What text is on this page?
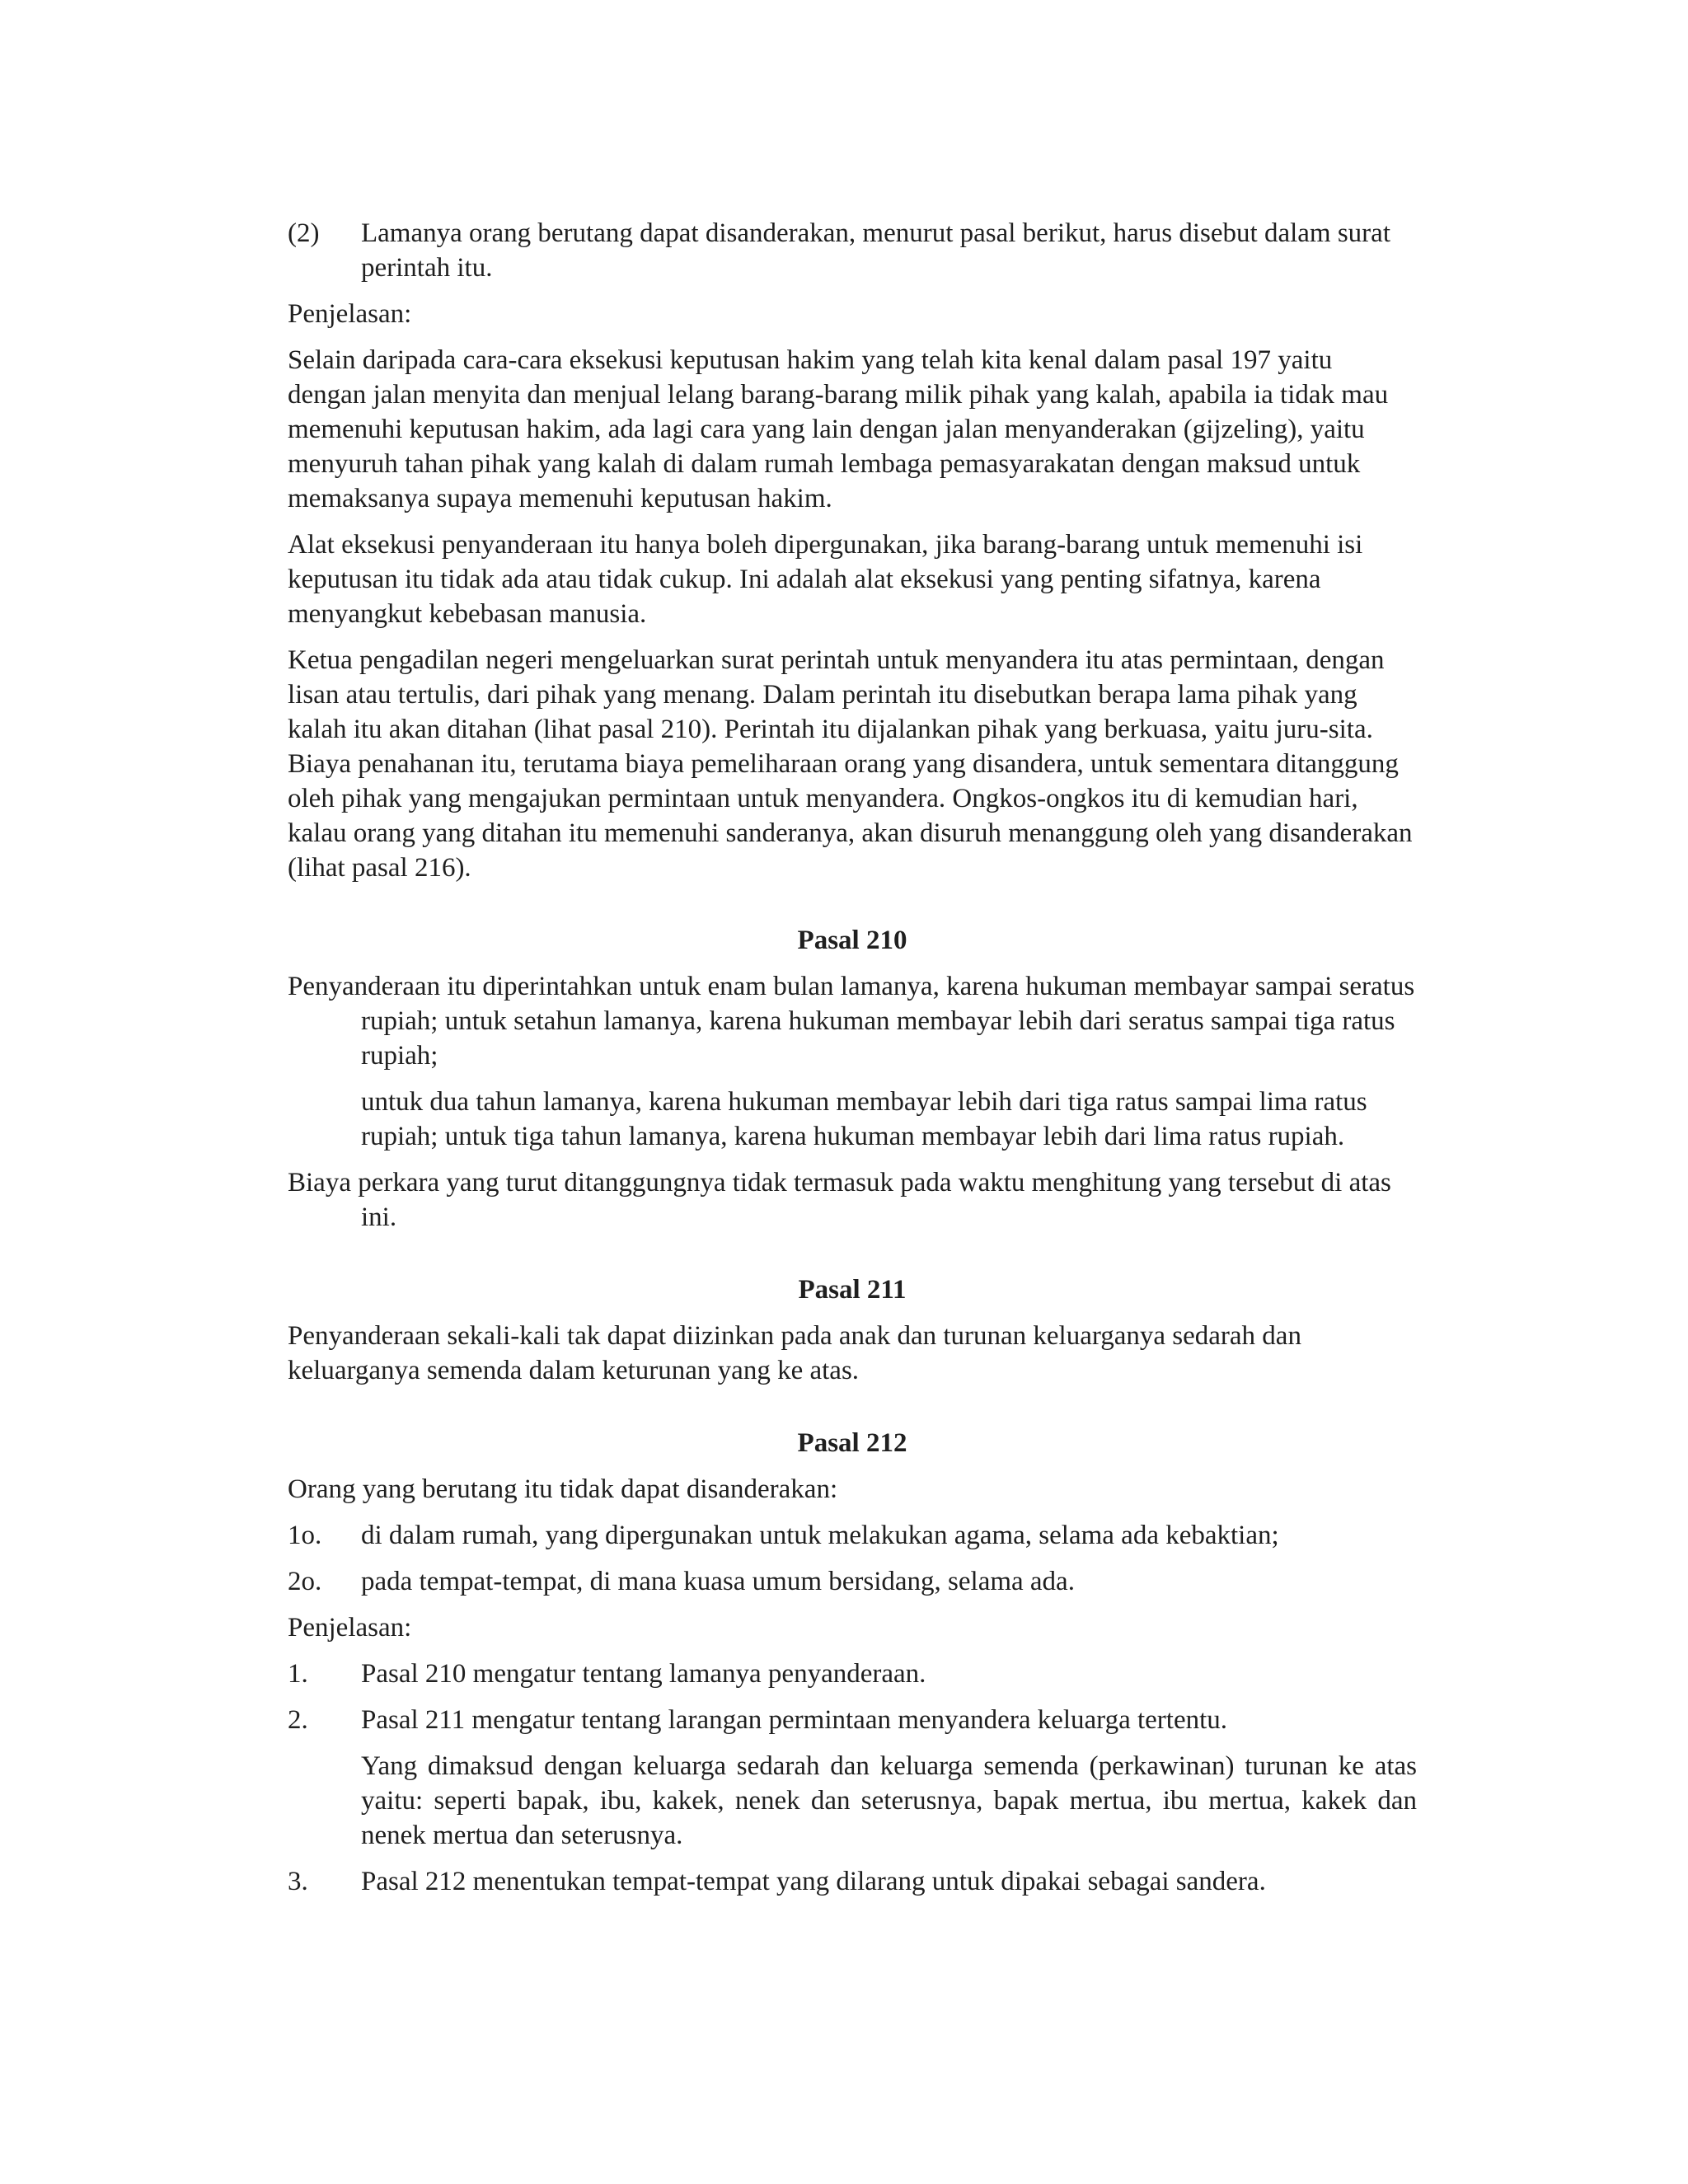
(2)	Lamanya orang berutang dapat disanderakan, menurut pasal berikut, harus disebut dalam surat perintah itu.

Penjelasan:

Selain daripada cara-cara eksekusi keputusan hakim yang telah kita kenal dalam pasal 197 yaitu dengan jalan menyita dan menjual lelang barang-barang milik pihak yang kalah, apabila ia tidak mau memenuhi keputusan hakim, ada lagi cara yang lain dengan jalan menyanderakan (gijzeling), yaitu menyuruh tahan pihak yang kalah di dalam rumah lembaga pemasyarakatan dengan maksud untuk memaksanya supaya memenuhi keputusan hakim.

Alat eksekusi penyanderaan itu hanya boleh dipergunakan, jika barang-barang untuk memenuhi isi keputusan itu tidak ada atau tidak cukup. Ini adalah alat eksekusi yang penting sifatnya, karena menyangkut kebebasan manusia.

Ketua pengadilan negeri mengeluarkan surat perintah untuk menyandera itu atas permintaan, dengan lisan atau tertulis, dari pihak yang menang. Dalam perintah itu disebutkan berapa lama pihak yang kalah itu akan ditahan (lihat pasal 210). Perintah itu dijalankan pihak yang berkuasa, yaitu juru-sita. Biaya penahanan itu, terutama biaya pemeliharaan orang yang disandera, untuk sementara ditanggung oleh pihak yang mengajukan permintaan untuk menyandera. Ongkos-ongkos itu di kemudian hari, kalau orang yang ditahan itu memenuhi sanderanya, akan disuruh menanggung oleh yang disanderakan (lihat pasal 216).

Pasal 210

Penyanderaan itu diperintahkan untuk enam bulan lamanya, karena hukuman membayar sampai seratus rupiah; untuk setahun lamanya, karena hukuman membayar lebih dari seratus sampai tiga ratus rupiah;

untuk dua tahun lamanya, karena hukuman membayar lebih dari tiga ratus sampai lima ratus rupiah; untuk tiga tahun lamanya, karena hukuman membayar lebih dari lima ratus rupiah.

Biaya perkara yang turut ditanggungnya tidak termasuk pada waktu menghitung yang tersebut di atas ini.

Pasal 211

Penyanderaan sekali-kali tak dapat diizinkan pada anak dan turunan keluarganya sedarah dan keluarganya semenda dalam keturunan yang ke atas.

Pasal 212

Orang yang berutang itu tidak dapat disanderakan:

1o.	di dalam rumah, yang dipergunakan untuk melakukan agama, selama ada kebaktian;
2o.	pada tempat-tempat, di mana kuasa umum bersidang, selama ada.

Penjelasan:

1.	Pasal 210 mengatur tentang lamanya penyanderaan.
2.	Pasal 211 mengatur tentang larangan permintaan menyandera keluarga tertentu.

Yang dimaksud dengan keluarga sedarah dan keluarga semenda (perkawinan) turunan ke atas yaitu: seperti bapak, ibu, kakek, nenek dan seterusnya, bapak mertua, ibu mertua, kakek dan nenek mertua dan seterusnya.

3.	Pasal 212 menentukan tempat-tempat yang dilarang untuk dipakai sebagai sandera.
